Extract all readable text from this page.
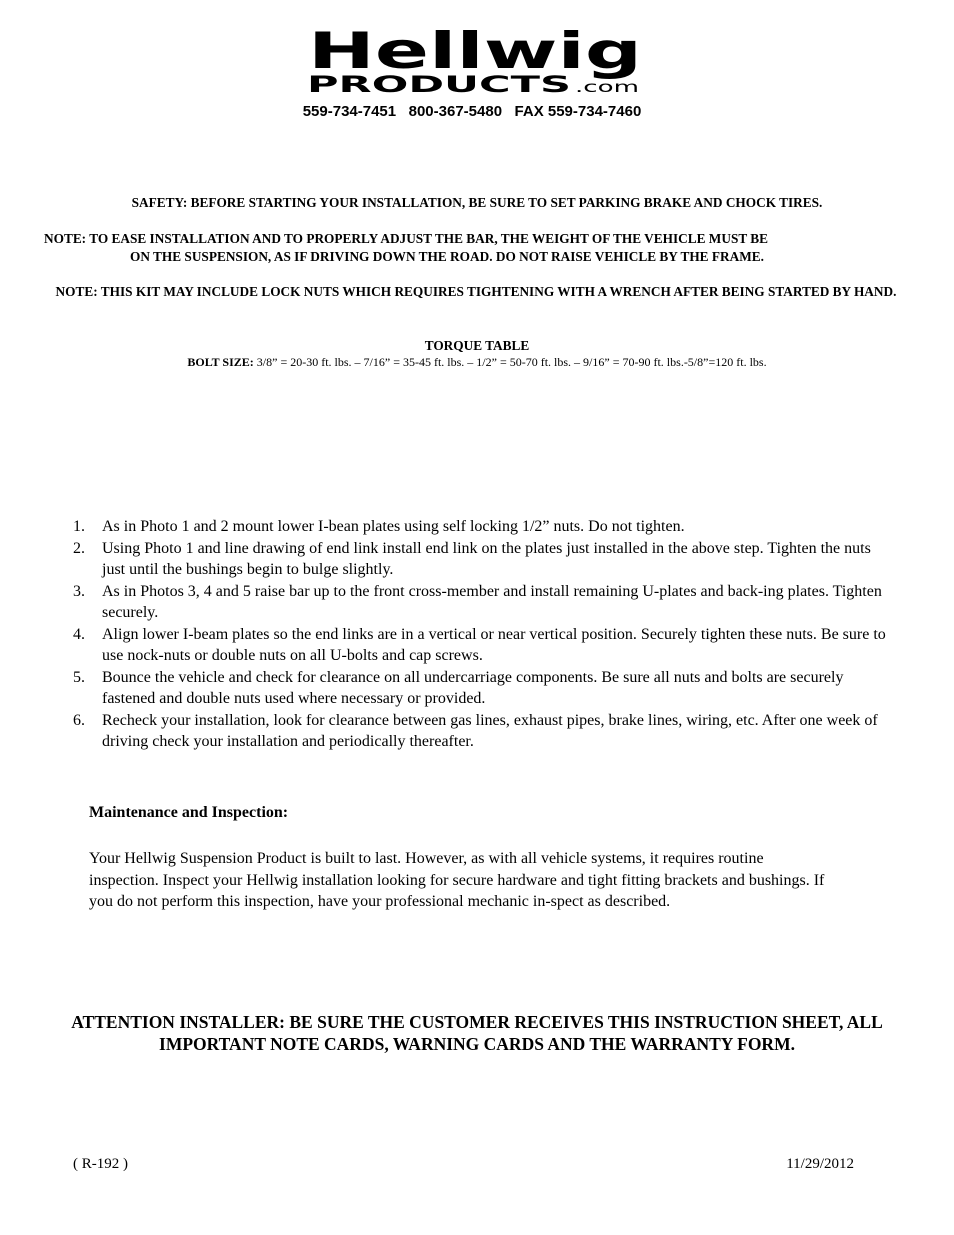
Hellwig
PRODUCTS .com
559-734-7451   800-367-5480   FAX 559-734-7460
SAFETY: BEFORE STARTING YOUR INSTALLATION, BE SURE TO SET PARKING BRAKE AND CHOCK TIRES.
NOTE: TO EASE INSTALLATION AND TO PROPERLY ADJUST THE BAR, THE WEIGHT OF THE VEHICLE MUST BE
ON THE SUSPENSION, AS IF DRIVING DOWN THE ROAD. DO NOT RAISE VEHICLE BY THE FRAME.
NOTE: THIS KIT MAY INCLUDE LOCK NUTS WHICH REQUIRES TIGHTENING WITH A WRENCH AFTER BEING STARTED BY HAND.
TORQUE TABLE
BOLT SIZE: 3/8” = 20-30 ft. lbs. – 7/16” = 35-45 ft. lbs. – 1/2” = 50-70 ft. lbs. – 9/16” = 70-90 ft. lbs.-5/8”=120 ft. lbs.
1. As in Photo 1 and 2 mount lower I-bean plates using self locking 1/2” nuts. Do not tighten.
2. Using Photo 1 and line drawing of end link install end link on the plates just installed in the above step. Tighten the nuts just until the bushings begin to bulge slightly.
3. As in Photos 3, 4 and 5 raise bar up to the front cross-member and install remaining U-plates and back-ing plates. Tighten securely.
4. Align lower I-beam plates so the end links are in a vertical or near vertical position. Securely tighten these nuts. Be sure to use nock-nuts or double nuts on all U-bolts and cap screws.
5. Bounce the vehicle and check for clearance on all undercarriage components. Be sure all nuts and bolts are securely fastened and double nuts used where necessary or provided.
6. Recheck your installation, look for clearance between gas lines, exhaust pipes, brake lines, wiring, etc. After one week of driving check your installation and periodically thereafter.
Maintenance and Inspection:
Your Hellwig Suspension Product is built to last. However, as with all vehicle systems, it requires routine inspection. Inspect your Hellwig installation looking for secure hardware and tight fitting brackets and bushings. If you do not perform this inspection, have your professional mechanic in-spect as described.
ATTENTION INSTALLER: BE SURE THE CUSTOMER RECEIVES THIS INSTRUCTION SHEET, ALL IMPORTANT NOTE CARDS, WARNING CARDS AND THE WARRANTY FORM.
( R-192 )	11/29/2012
